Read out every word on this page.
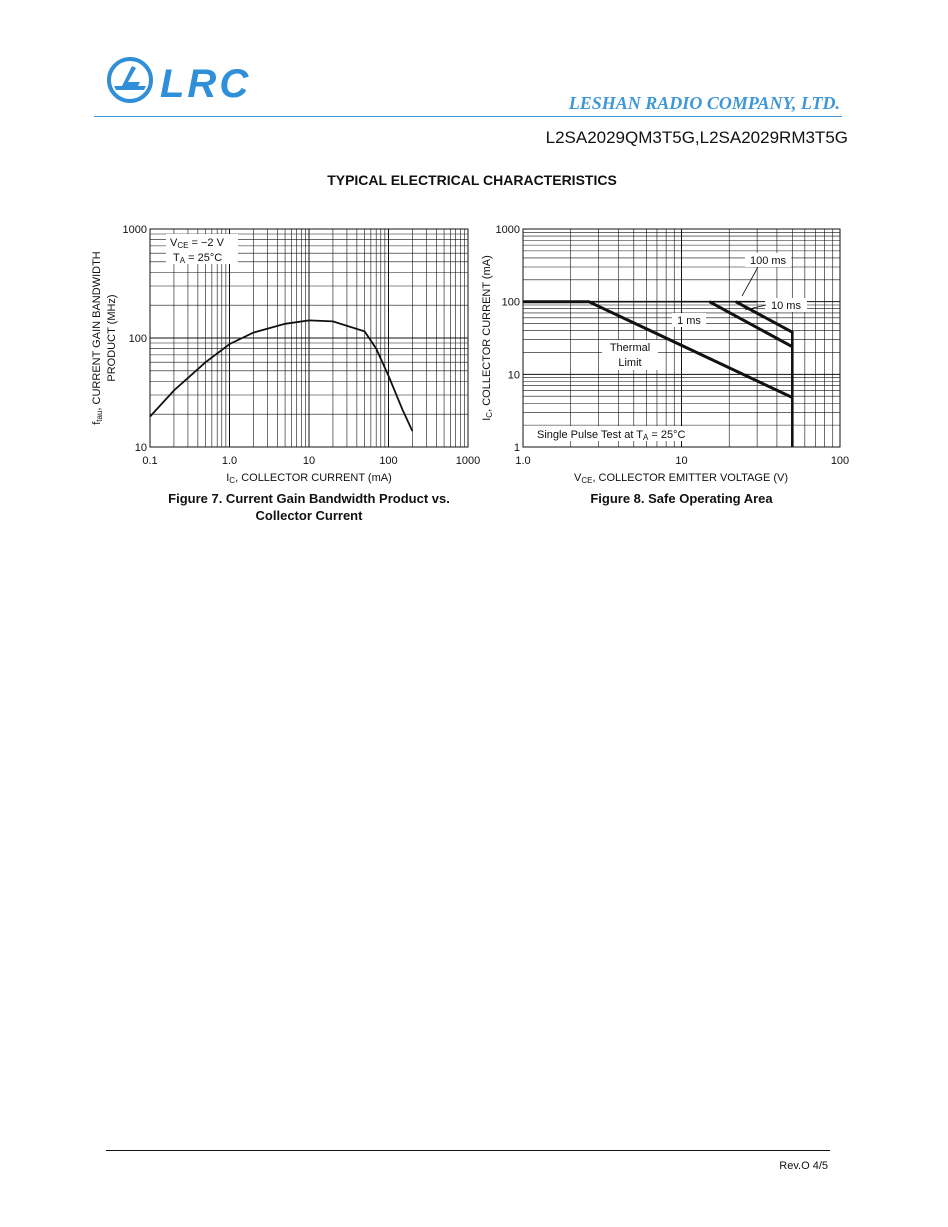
LRC	LESHAN RADIO COMPANY, LTD.
L2SA2029QM3T5G,L2SA2029RM3T5G
TYPICAL ELECTRICAL CHARACTERISTICS
0.1	1.0	10	100	1000
10
100
1000
VCE = −2 V
TA = 25°C
ftau, CURRENT GAIN BANDWIDTH PRODUCT (MHz)
IC, COLLECTOR CURRENT (mA)
Figure 7. Current Gain Bandwidth Product vs.
Collector Current
1.0	10	100
1
10
100
1000
100 ms
10 ms
1 ms
Thermal
Limit
Single Pulse Test at TA = 25°C
IC, COLLECTOR CURRENT (mA)
VCE, COLLECTOR EMITTER VOLTAGE (V)
Figure 8. Safe Operating Area
Rev.O 4/5
